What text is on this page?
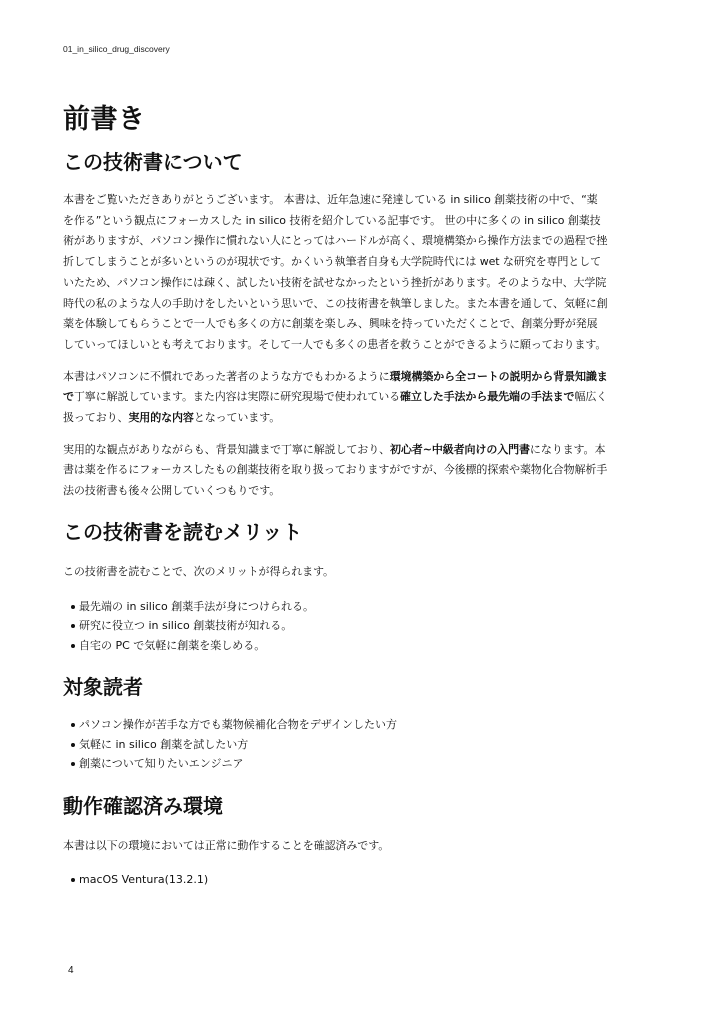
01_in_silico_drug_discovery
前書き
この技術書について

本書をご覧いただきありがとうございます。 本書は、近年急速に発達している in silico 創薬技術の中で、“薬を作る”という観点にフォーカスした in silico 技術を紹介している記事です。 世の中に多くの in silico 創薬技術がありますが、パソコン操作に慣れない人にとってはハードルが高く、環境構築から操作方法までの過程で挫折してしまうことが多いというのが現状です。かくいう執筆者自身も大学院時代には wet な研究を専門としていたため、パソコン操作には疎く、試したい技術を試せなかったという挫折があります。そのような中、大学院時代の私のような人の手助けをしたいという思いで、この技術書を執筆しました。また本書を通して、気軽に創薬を体験してもらうことで一人でも多くの方に創薬を楽しみ、興味を持っていただくことで、創薬分野が発展していってほしいとも考えております。そして一人でも多くの患者を救うことができるように願っております。

本書はパソコンに不慣れであった著者のような方でもわかるように環境構築から全コートの説明から背景知識まで丁寧に解説しています。また内容は実際に研究現場で使われている確立した手法から最先端の手法まで幅広く扱っており、実用的な内容となっています。

実用的な観点がありながらも、背景知識まで丁寧に解説しており、初心者~中級者向けの入門書になります。本書は薬を作るにフォーカスしたもの創薬技術を取り扱っておりますがですが、今後標的探索や薬物化合物解析手法の技術書も後々公開していくつもりです。

この技術書を読むメリット

この技術書を読むことで、次のメリットが得られます。

最先端の in silico 創薬手法が身につけられる。
研究に役立つ in silico 創薬技術が知れる。
自宅の PC で気軽に創薬を楽しめる。
対象読者
パソコン操作が苦手な方でも薬物候補化合物をデザインしたい方
気軽に in silico 創薬を試したい方
創薬について知りたいエンジニア
動作確認済み環境

本書は以下の環境においては正常に動作することを確認済みです。

macOS Ventura(13.2.1)
4
